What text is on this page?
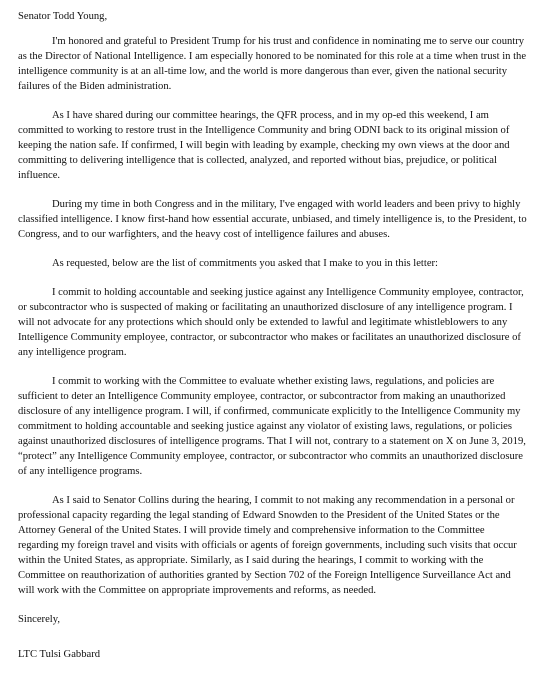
Senator Todd Young,

I'm honored and grateful to President Trump for his trust and confidence in nominating me to serve our country as the Director of National Intelligence. I am especially honored to be nominated for this role at a time when trust in the intelligence community is at an all-time low, and the world is more dangerous than ever, given the national security failures of the Biden administration.

As I have shared during our committee hearings, the QFR process, and in my op-ed this weekend, I am committed to working to restore trust in the Intelligence Community and bring ODNI back to its original mission of keeping the nation safe. If confirmed, I will begin with leading by example, checking my own views at the door and committing to delivering intelligence that is collected, analyzed, and reported without bias, prejudice, or political influence.

During my time in both Congress and in the military, I've engaged with world leaders and been privy to highly classified intelligence. I know first-hand how essential accurate, unbiased, and timely intelligence is, to the President, to Congress, and to our warfighters, and the heavy cost of intelligence failures and abuses.

As requested, below are the list of commitments you asked that I make to you in this letter:

I commit to holding accountable and seeking justice against any Intelligence Community employee, contractor, or subcontractor who is suspected of making or facilitating an unauthorized disclosure of any intelligence program. I will not advocate for any protections which should only be extended to lawful and legitimate whistleblowers to any Intelligence Community employee, contractor, or subcontractor who makes or facilitates an unauthorized disclosure of any intelligence program.

I commit to working with the Committee to evaluate whether existing laws, regulations, and policies are sufficient to deter an Intelligence Community employee, contractor, or subcontractor from making an unauthorized disclosure of any intelligence program. I will, if confirmed, communicate explicitly to the Intelligence Community my commitment to holding accountable and seeking justice against any violator of existing laws, regulations, or policies against unauthorized disclosures of intelligence programs. That I will not, contrary to a statement on X on June 3, 2019, “protect” any Intelligence Community employee, contractor, or subcontractor who commits an unauthorized disclosure of any intelligence programs.

As I said to Senator Collins during the hearing, I commit to not making any recommendation in a personal or professional capacity regarding the legal standing of Edward Snowden to the President of the United States or the Attorney General of the United States. I will provide timely and comprehensive information to the Committee regarding my foreign travel and visits with officials or agents of foreign governments, including such visits that occur within the United States, as appropriate. Similarly, as I said during the hearings, I commit to working with the Committee on reauthorization of authorities granted by Section 702 of the Foreign Intelligence Surveillance Act and will work with the Committee on appropriate improvements and reforms, as needed.

Sincerely,

LTC Tulsi Gabbard
